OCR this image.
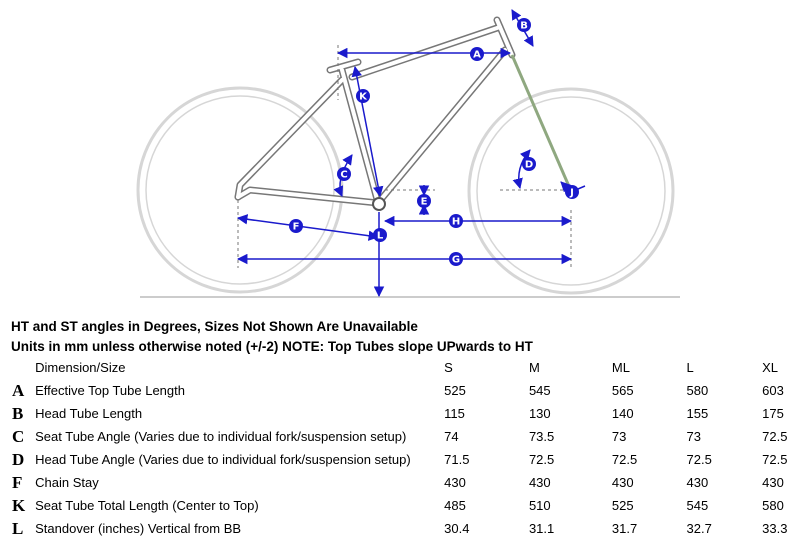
A
B
C
D
E
F
G
H
J
K
L
HT and ST angles in Degrees, Sizes Not Shown Are Unavailable
Units in mm unless otherwise noted (+/-2) NOTE: Top Tubes slope UPwards to HT
	Dimension/Size	S	M	ML	L	XL
A	Effective Top Tube Length	525	545	565	580	603
B	Head Tube Length	115	130	140	155	175
C	Seat Tube Angle (Varies due to individual fork/suspension setup)	74	73.5	73	73	72.5
D	Head Tube Angle (Varies due to individual fork/suspension setup)	71.5	72.5	72.5	72.5	72.5
F	Chain Stay	430	430	430	430	430
K	Seat Tube Total Length (Center to Top)	485	510	525	545	580
L	Standover (inches) Vertical from BB	30.4	31.1	31.7	32.7	33.3
